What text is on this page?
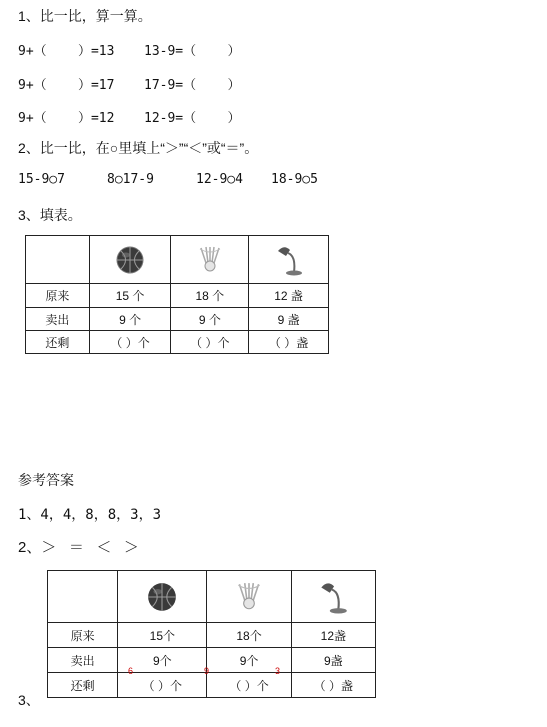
1、比一比，算一算。
9+（    ）=13 13-9=（    ）
9+（    ）=17 17-9=（    ）
9+（    ）=12 12-9=（    ）
2、比一比，在○里填上“＞”“＜”或“＝”。
15-9○7	8○17-9	12-9○4 18-9○5
3、填表。

原来	15 个	18 个	12 盏
卖出	9 个	9 个	9 盏
还剩	（ ）个	（ ）个	（ ）盏
参考答案
1、4，4，8，8，3，3
2、＞   ＝   ＜   ＞
3、

原来	15个	18个	12盏
卖出	9个	9个	9盏
还剩	（ ）个	（ ）个	（ ）盏
6	9	3
